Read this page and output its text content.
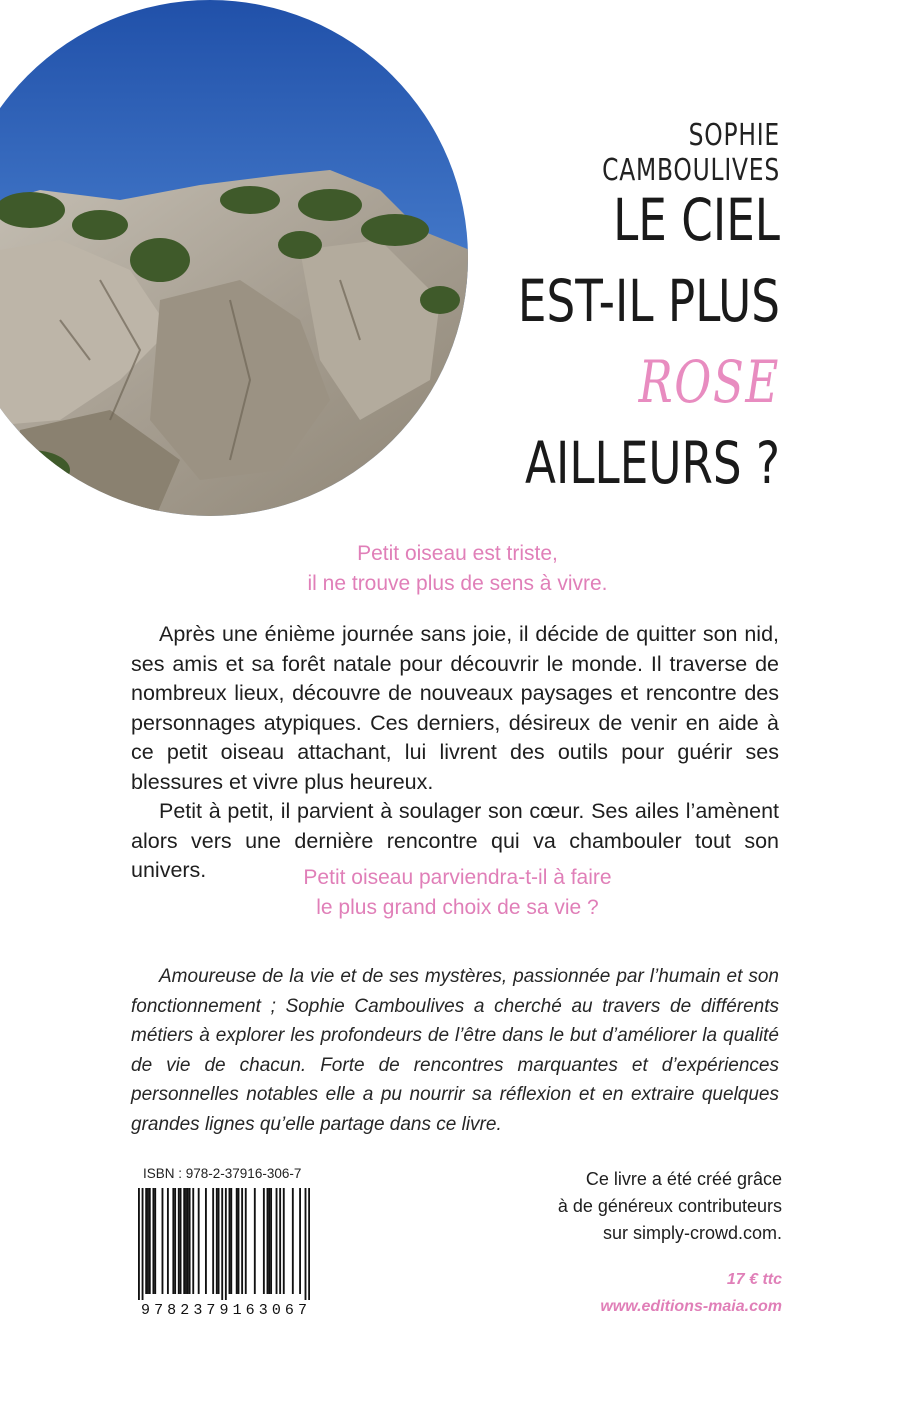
SOPHIE CAMBOULIVES
LE CIEL
EST-IL PLUS
ROSE
AILLEURS ?
Petit oiseau est triste,
il ne trouve plus de sens à vivre.

Après une énième journée sans joie, il décide de quitter son nid, ses amis et sa forêt natale pour découvrir le monde. Il traverse de nombreux lieux, découvre de nouveaux paysages et rencontre des personnages atypiques. Ces derniers, désireux de venir en aide à ce petit oiseau attachant, lui livrent des outils pour guérir ses blessures et vivre plus heureux.

Petit à petit, il parvient à soulager son cœur. Ses ailes l’amènent alors vers une dernière rencontre qui va chambouler tout son univers.	Petit oiseau parviendra-t-il à faire
le plus grand choix de sa vie ?
Amoureuse de la vie et de ses mystères, passionnée par l’humain et son fonctionnement ; Sophie Camboulives a cherché au travers de différents métiers à explorer les profondeurs de l’être dans le but d’améliorer la qualité de vie de chacun. Forte de rencontres marquantes et d’expériences personnelles notables elle a pu nourrir sa réflexion et en extraire quelques grandes lignes qu’elle partage dans ce livre.
ISBN : 978-2-37916-306-7
9782379163067
Ce livre a été créé grâce
à de généreux contributeurs
sur simply-crowd.com.
17 € ttc
www.editions-maia.com
